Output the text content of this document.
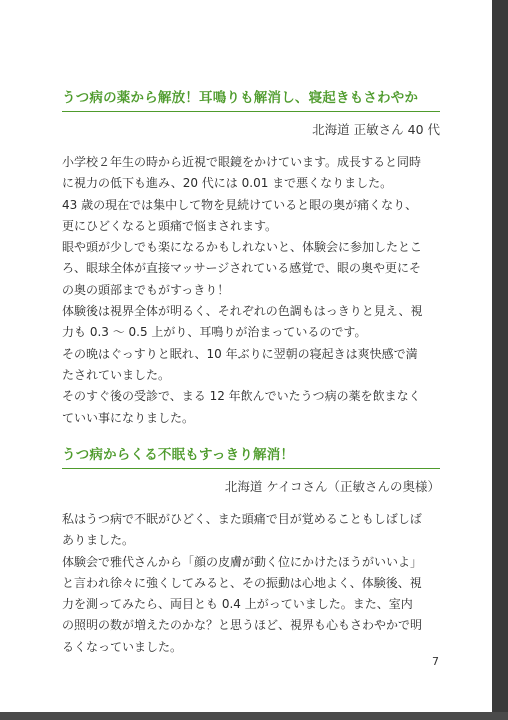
うつ病の薬から解放！耳鳴りも解消し、寝起きもさわやか
北海道 正敏さん 40 代
小学校２年生の時から近視で眼鏡をかけています。成長すると同時
に視力の低下も進み、20 代には 0.01 まで悪くなりました。
43 歳の現在では集中して物を見続けていると眼の奥が痛くなり、
更にひどくなると頭痛で悩まされます。
眼や頭が少しでも楽になるかもしれないと、体験会に参加したとこ
ろ、眼球全体が直接マッサージされている感覚で、眼の奥や更にそ
の奥の頭部までもがすっきり！
体験後は視界全体が明るく、それぞれの色調もはっきりと見え、視
力も 0.3 ～ 0.5 上がり、耳鳴りが治まっているのです。
その晩はぐっすりと眠れ、10 年ぶりに翌朝の寝起きは爽快感で満
たされていました。
そのすぐ後の受診で、まる 12 年飲んでいたうつ病の薬を飲まなく
ていい事になりました。
うつ病からくる不眠もすっきり解消！
北海道 ケイコさん（正敏さんの奥様）
私はうつ病で不眠がひどく、また頭痛で目が覚めることもしばしば
ありました。
体験会で雅代さんから「顔の皮膚が動く位にかけたほうがいいよ」
と言われ徐々に強くしてみると、その振動は心地よく、体験後、視
力を測ってみたら、両目とも 0.4 上がっていました。また、室内
の照明の数が増えたのかな？と思うほど、視界も心もさわやかで明
るくなっていました。
7
